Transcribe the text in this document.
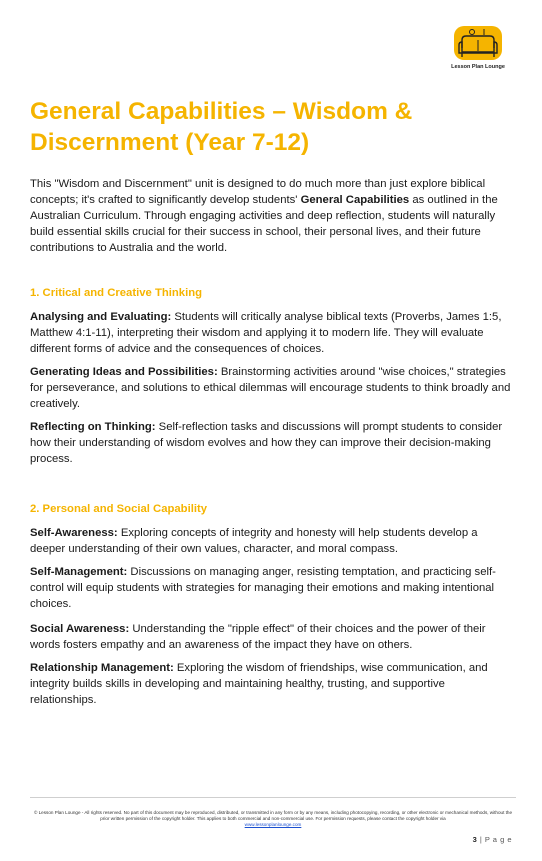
Lesson Plan Lounge
General Capabilities – Wisdom & Discernment (Year 7-12)

This "Wisdom and Discernment" unit is designed to do much more than just explore biblical concepts; it's crafted to significantly develop students' General Capabilities as outlined in the Australian Curriculum. Through engaging activities and deep reflection, students will naturally build essential skills crucial for their success in school, their personal lives, and their future contributions to Australia and the world.

1. Critical and Creative Thinking

Analysing and Evaluating: Students will critically analyse biblical texts (Proverbs, James 1:5, Matthew 4:1-11), interpreting their wisdom and applying it to modern life. They will evaluate different forms of advice and the consequences of choices.

Generating Ideas and Possibilities: Brainstorming activities around "wise choices," strategies for perseverance, and solutions to ethical dilemmas will encourage students to think broadly and creatively.

Reflecting on Thinking: Self-reflection tasks and discussions will prompt students to consider how their understanding of wisdom evolves and how they can improve their decision-making process.

2. Personal and Social Capability

Self-Awareness: Exploring concepts of integrity and honesty will help students develop a deeper understanding of their own values, character, and moral compass.

Self-Management: Discussions on managing anger, resisting temptation, and practicing self-control will equip students with strategies for managing their emotions and making intentional choices.

Social Awareness: Understanding the "ripple effect" of their choices and the power of their words fosters empathy and an awareness of the impact they have on others.

Relationship Management: Exploring the wisdom of friendships, wise communication, and integrity builds skills in developing and maintaining healthy, trusting, and supportive relationships.

© Lesson Plan Lounge - All rights reserved. No part of this document may be reproduced, distributed, or transmitted in any form or by any means, including photocopying, recording, or other electronic or mechanical methods, without the prior written permission of the copyright holder. This applies to both commercial and non-commercial use. For permission requests, please contact the copyright holder via
www.lessonplanlounge.com
3 | P a g e
